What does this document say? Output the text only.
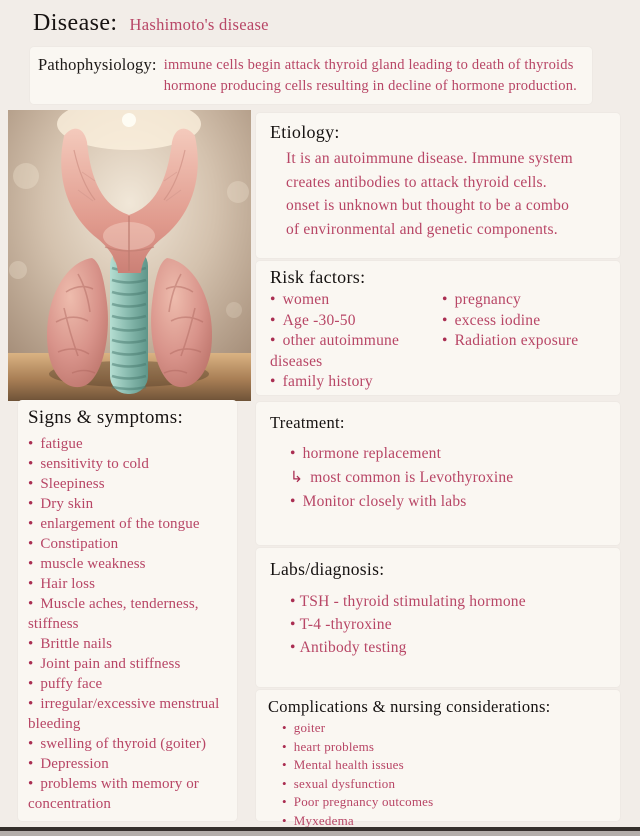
Disease: Hashimoto's disease
Pathophysiology: immune cells begin attack thyroid gland leading to death of thyroids hormone producing cells resulting in decline of hormone production.
Etiology:
It is an autoimmune disease. Immune system creates antibodies to attack thyroid cells. onset is unknown but thought to be a combo of environmental and genetic components.
Risk factors:
• women
• Age -30-50
• other autoimmune diseases
• family history
• pregnancy
• excess iodine
• Radiation exposure
Signs & symptoms:
• fatigue
• sensitivity to cold
• Sleepiness
• Dry skin
• enlargement of the tongue
• Constipation
• muscle weakness
• Hair loss
• Muscle aches, tenderness, stiffness
• Brittle nails
• Joint pain and stiffness
• puffy face
• irregular/excessive menstrual bleeding
• swelling of thyroid (goiter)
• Depression
• problems with memory or concentration
Treatment:
• hormone replacement
↳ most common is Levothyroxine
• Monitor closely with labs
Labs/diagnosis:
• TSH - thyroid stimulating hormone
• T-4 -thyroxine
• Antibody testing
Complications & nursing considerations:
• goiter
• heart problems
• Mental health issues
• sexual dysfunction
• Poor pregnancy outcomes
• Myxedema
